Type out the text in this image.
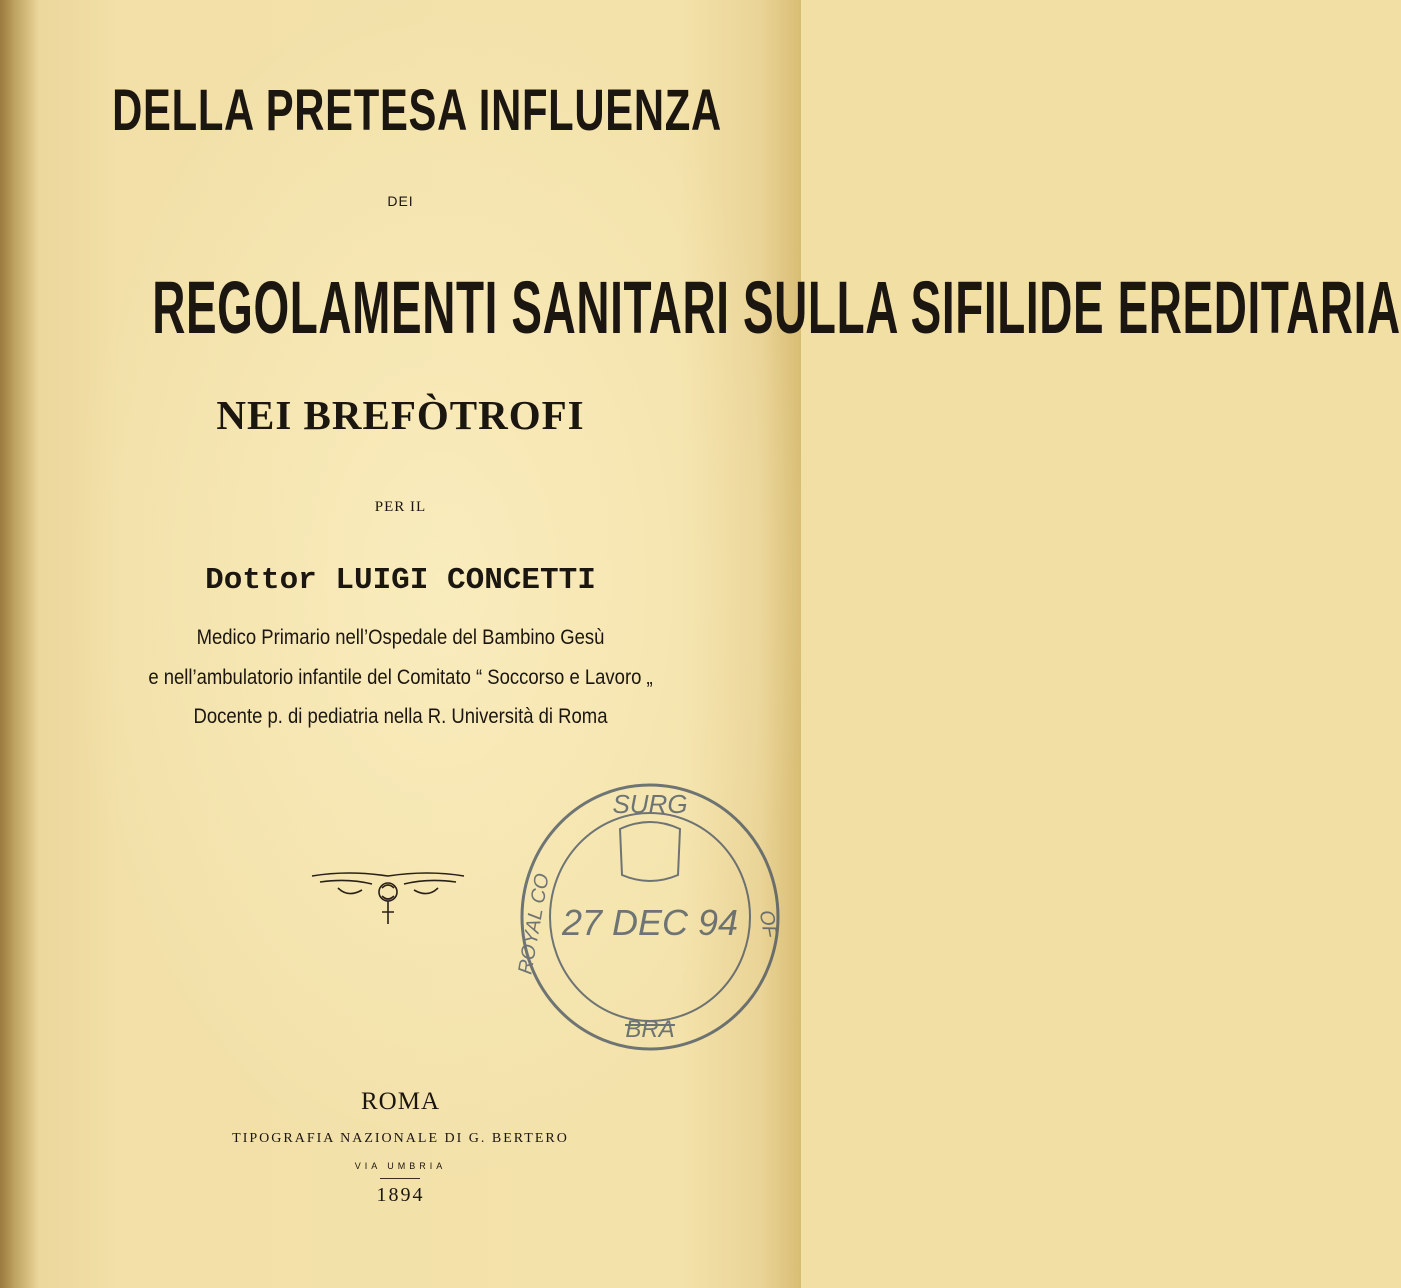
DELLA PRETESA INFLUENZA
DEI
REGOLAMENTI SANITARI SULLA SIFILIDE EREDITARIA
NEI BREFÒTROFI
PER IL
Dottor LUIGI CONCETTI
Medico Primario nell’Ospedale del Bambino Gesù
e nell’ambulatorio infantile del Comitato “ Soccorso e Lavoro „
Docente p. di pediatria nella R. Università di Roma
SURG
27 DEC 94
BRA
ROYAL CO	OF
ROMA
TIPOGRAFIA NAZIONALE DI G. BERTERO
VIA UMBRIA
1894
